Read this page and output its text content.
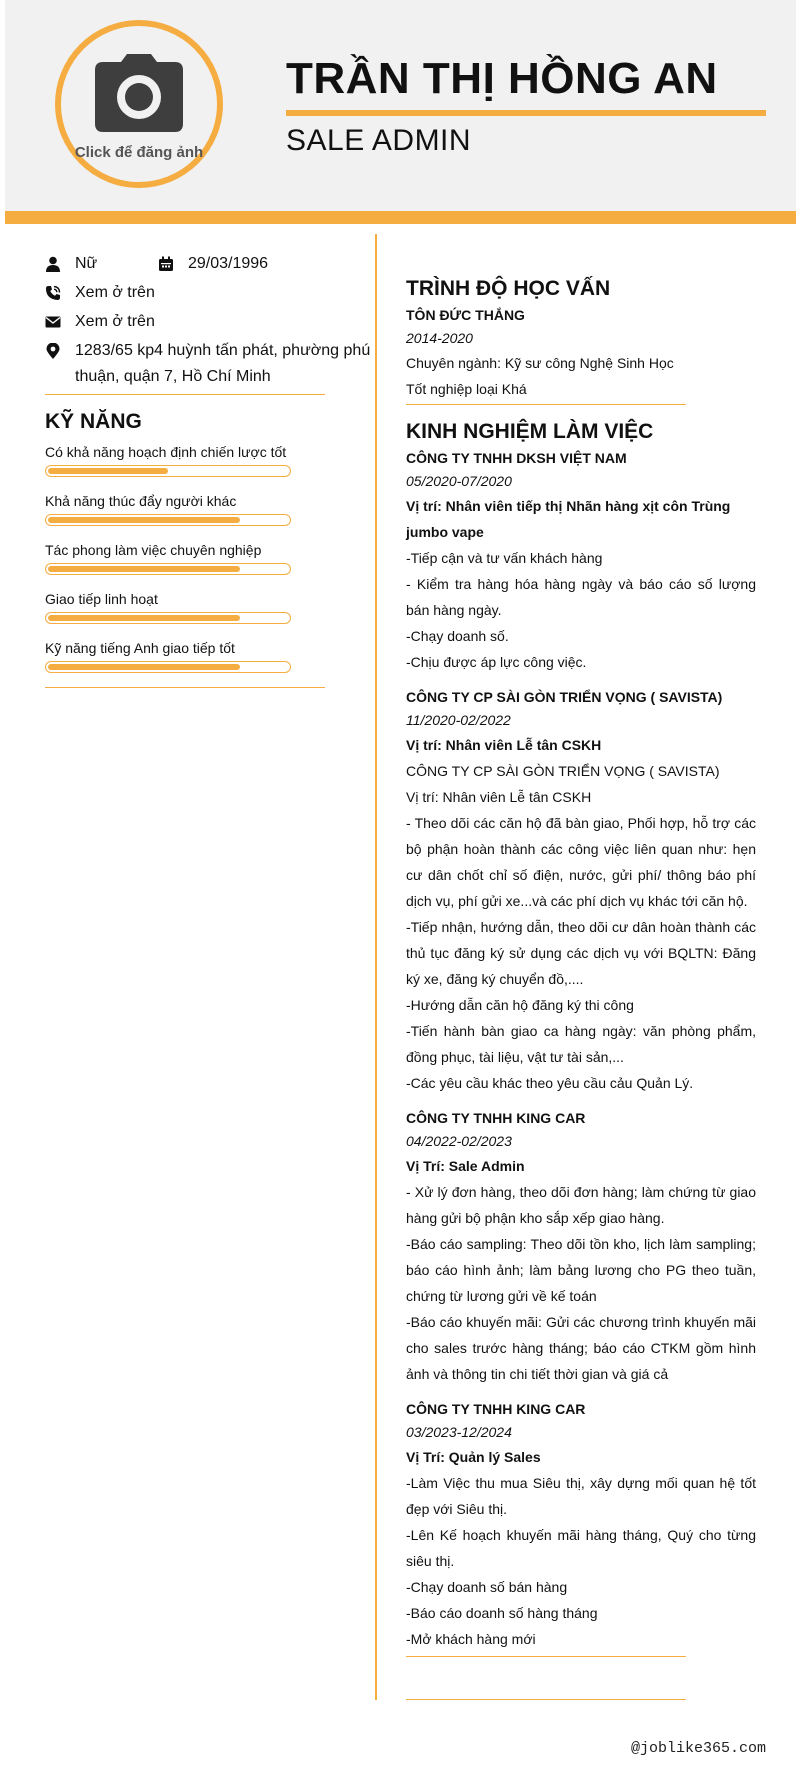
Click để đăng ảnh
TRẦN THỊ HỒNG AN
SALE ADMIN
Nữ	29/03/1996
Xem ở trên
Xem ở trên
1283/65 kp4 huỳnh tấn phát, phường phú thuận, quận 7, Hồ Chí Minh
KỸ NĂNG
Có khả năng hoạch định chiến lược tốt
Khả năng thúc đẩy người khác
Tác phong làm việc chuyên nghiệp
Giao tiếp linh hoạt
Kỹ năng tiếng Anh giao tiếp tốt
TRÌNH ĐỘ HỌC VẤN
TÔN ĐỨC THẮNG
2014-2020
Chuyên ngành: Kỹ sư công Nghệ Sinh Học
Tốt nghiệp loại Khá
KINH NGHIỆM LÀM VIỆC
CÔNG TY TNHH DKSH VIỆT NAM
05/2020-07/2020
Vị trí: Nhân viên tiếp thị Nhãn hàng xịt côn Trùng jumbo vape
-Tiếp cận và tư vấn khách hàng
- Kiểm tra hàng hóa hàng ngày và báo cáo số lượng bán hàng ngày.
-Chạy doanh số.
-Chịu được áp lực công việc.
CÔNG TY CP SÀI GÒN TRIỂN VỌNG ( SAVISTA)
11/2020-02/2022
Vị trí: Nhân viên Lễ tân CSKH
CÔNG TY CP SÀI GÒN TRIỂN VỌNG ( SAVISTA)
Vị trí: Nhân viên Lễ tân CSKH
- Theo dõi các căn hộ đã bàn giao, Phối hợp, hỗ trợ các bộ phận hoàn thành các công việc liên quan như: hẹn cư dân chốt chỉ số điện, nước, gửi phí/ thông báo phí dịch vụ, phí gửi xe...và các phí dịch vụ khác tới căn hộ.
-Tiếp nhận, hướng dẫn, theo dõi cư dân hoàn thành các thủ tục đăng ký sử dụng các dịch vụ với BQLTN: Đăng ký xe, đăng ký chuyển đồ,....
-Hướng dẫn căn hộ đăng ký thi công
-Tiến hành bàn giao ca hàng ngày: văn phòng phẩm, đồng phục, tài liệu, vật tư tài sản,...
-Các yêu cầu khác theo yêu cầu cảu Quản Lý.
CÔNG TY TNHH KING CAR
04/2022-02/2023
Vị Trí: Sale Admin
- Xử lý đơn hàng, theo dõi đơn hàng; làm chứng từ giao hàng gửi bộ phận kho sắp xếp giao hàng.
-Báo cáo sampling: Theo dõi tồn kho, lịch làm sampling; báo cáo hình ảnh; làm bảng lương cho PG theo tuần, chứng từ lương gửi về kế toán
-Báo cáo khuyến mãi: Gửi các chương trình khuyến mãi cho sales trước hàng tháng; báo cáo CTKM gồm hình ảnh và thông tin chi tiết thời gian và giá cả
CÔNG TY TNHH KING CAR
03/2023-12/2024
Vị Trí: Quản lý Sales
-Làm Việc thu mua Siêu thị, xây dựng mối quan hệ tốt đẹp với Siêu thị.
-Lên Kế hoạch khuyến mãi hàng tháng, Quý cho từng siêu thị.
-Chạy doanh số bán hàng
-Báo cáo doanh số hàng tháng
-Mở khách hàng mới
@joblike365.com
